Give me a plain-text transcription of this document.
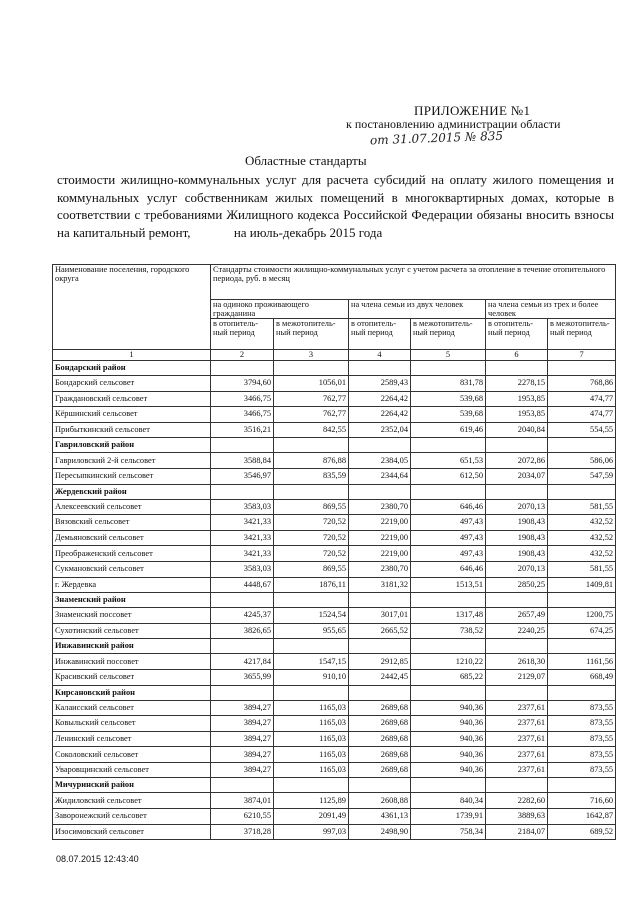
ПРИЛОЖЕНИЕ №1
к постановлению администрации области
от 31.07.2015 № 835
Областные стандарты
стоимости жилищно-коммунальных услуг для расчета субсидий на оплату жилого помещения и коммунальных услуг собственникам жилых помещений в многоквартирных домах, которые в соответствии с требованиями Жилищного кодекса Российской Федерации обязаны вносить взносы на капитальный ремонт,	на июль-декабрь 2015 года
Наименование поселения, городского округа	Стандарты стоимости жилищно-коммунальных услуг с учетом расчета за отопление в течение отопительного периода, руб. в месяц					
	на одиноко проживающего гражданина		на члена семьи из двух человек		на члена семьи из трех и более человек	
	в отопитель-ный период	в межотопитель-ный период	в отопитель-ный период	в межотопитель-ный период	в отопитель-ный период	в межотопитель-ный период
1	2	3	4	5	6	7
Бондарский район						
Бондарский сельсовет	3794,60	1056,01	2589,43	831,78	2278,15	768,86
Граждановский сельсовет	3466,75	762,77	2264,42	539,68	1953,85	474,77
Кёршинский сельсовет	3466,75	762,77	2264,42	539,68	1953,85	474,77
Прибыткинский сельсовет	3516,21	842,55	2352,04	619,46	2040,84	554,55
Гавриловский район						
Гавриловский 2-й сельсовет	3588,84	876,88	2384,05	651,53	2072,86	586,06
Пересыпкинский сельсовет	3546,97	835,59	2344,64	612,50	2034,07	547,59
Жердевский район						
Алексеевский сельсовет	3583,03	869,55	2380,70	646,46	2070,13	581,55
Вязовский сельсовет	3421,33	720,52	2219,00	497,43	1908,43	432,52
Демьяновский сельсовет	3421,33	720,52	2219,00	497,43	1908,43	432,52
Преображенский сельсовет	3421,33	720,52	2219,00	497,43	1908,43	432,52
Сукмановский сельсовет	3583,03	869,55	2380,70	646,46	2070,13	581,55
г. Жердевка	4448,67	1876,11	3181,32	1513,51	2850,25	1409,81
Знаменский район						
Знаменский поссовет	4245,37	1524,54	3017,01	1317,48	2657,49	1200,75
Сухотинский сельсовет	3826,65	955,65	2665,52	738,52	2240,25	674,25
Инжавинский район						
Инжавинский поссовет	4217,84	1547,15	2912,85	1210,22	2618,30	1161,56
Красивский сельсовет	3655,99	910,10	2442,45	685,22	2129,07	668,49
Кирсановский район						
Калаисский сельсовет	3894,27	1165,03	2689,68	940,36	2377,61	873,55
Ковыльский сельсовет	3894,27	1165,03	2689,68	940,36	2377,61	873,55
Ленинский сельсовет	3894,27	1165,03	2689,68	940,36	2377,61	873,55
Соколовский сельсовет	3894,27	1165,03	2689,68	940,36	2377,61	873,55
Уваровщинский сельсовет	3894,27	1165,03	2689,68	940,36	2377,61	873,55
Мичуринский район						
Жидиловский сельсовет	3874,01	1125,89	2608,88	840,34	2282,60	716,60
Заворонежский сельсовет	6210,55	2091,49	4361,13	1739,91	3889,63	1642,87
Изосимовский сельсовет	3718,28	997,03	2498,90	758,34	2184,07	689,52
08.07.2015 12:43:40
